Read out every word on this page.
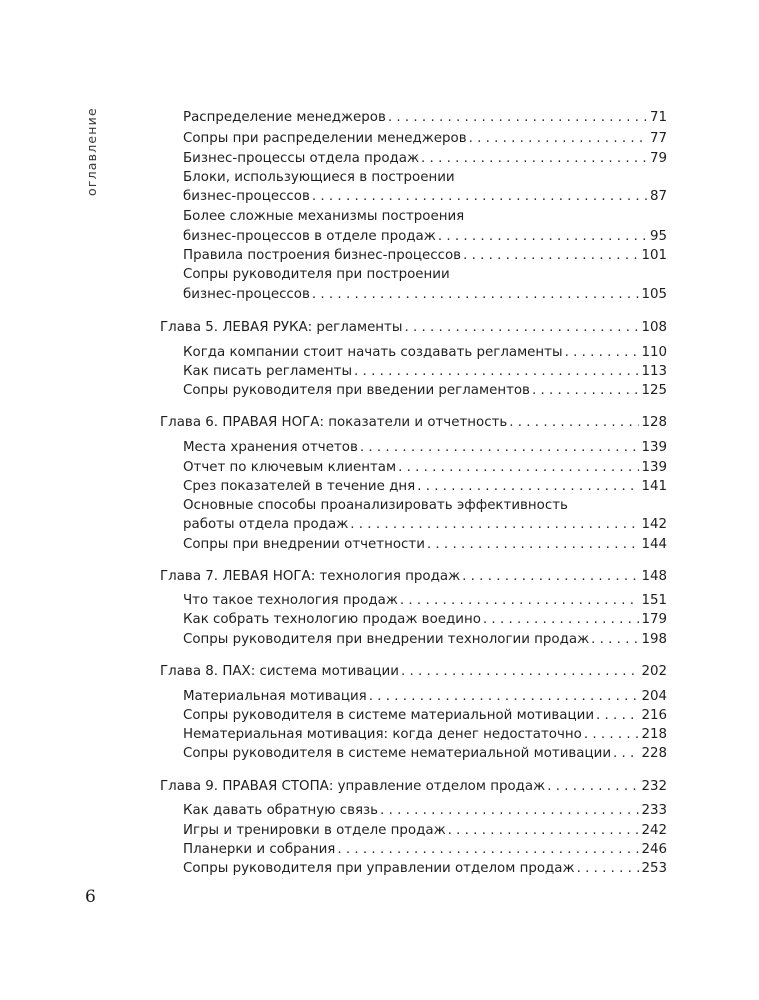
оглавление	Распределение менеджеров . . .	71
Сопры при распределении менеджеров . . .	77
Бизнес-процессы отдела продаж . . .	79
Блоки, использующиеся в построении
бизнес-процессов . . .	87
Более сложные механизмы построения
бизнес-процессов в отделе продаж . . .	95
Правила построения бизнес-процессов . . .	101
Сопры руководителя при построении
бизнес-процессов . . .	105
Глава 5. ЛЕВАЯ РУКА: регламенты . . .	108
Когда компании стоит начать создавать регламенты . . .	110
Как писать регламенты . . .	113
Сопры руководителя при введении регламентов . . .	125
Глава 6. ПРАВАЯ НОГА: показатели и отчетность . . .	128
Места хранения отчетов . . .	139
Отчет по ключевым клиентам . . .	139
Срез показателей в течение дня . . .	141
Основные способы проанализировать эффективность
работы отдела продаж . . .	142
Сопры при внедрении отчетности . . .	144
Глава 7. ЛЕВАЯ НОГА: технология продаж . . .	148
Что такое технология продаж . . .	151
Как собрать технологию продаж воедино . . .	179
Сопры руководителя при внедрении технологии продаж . . .	198
Глава 8. ПАХ: система мотивации . . .	202
Материальная мотивация . . .	204
Сопры руководителя в системе материальной мотивации . . .	216
Нематериальная мотивация: когда денег недостаточно . . .	218
Сопры руководителя в системе нематериальной мотивации . . . 228
Глава 9. ПРАВАЯ СТОПА: управление отделом продаж . . .	232
Как давать обратную связь . . .	233
Игры и тренировки в отделе продаж . . .	242
Планерки и собрания . . .	246
Сопры руководителя при управлении отделом продаж . . .	253
6
